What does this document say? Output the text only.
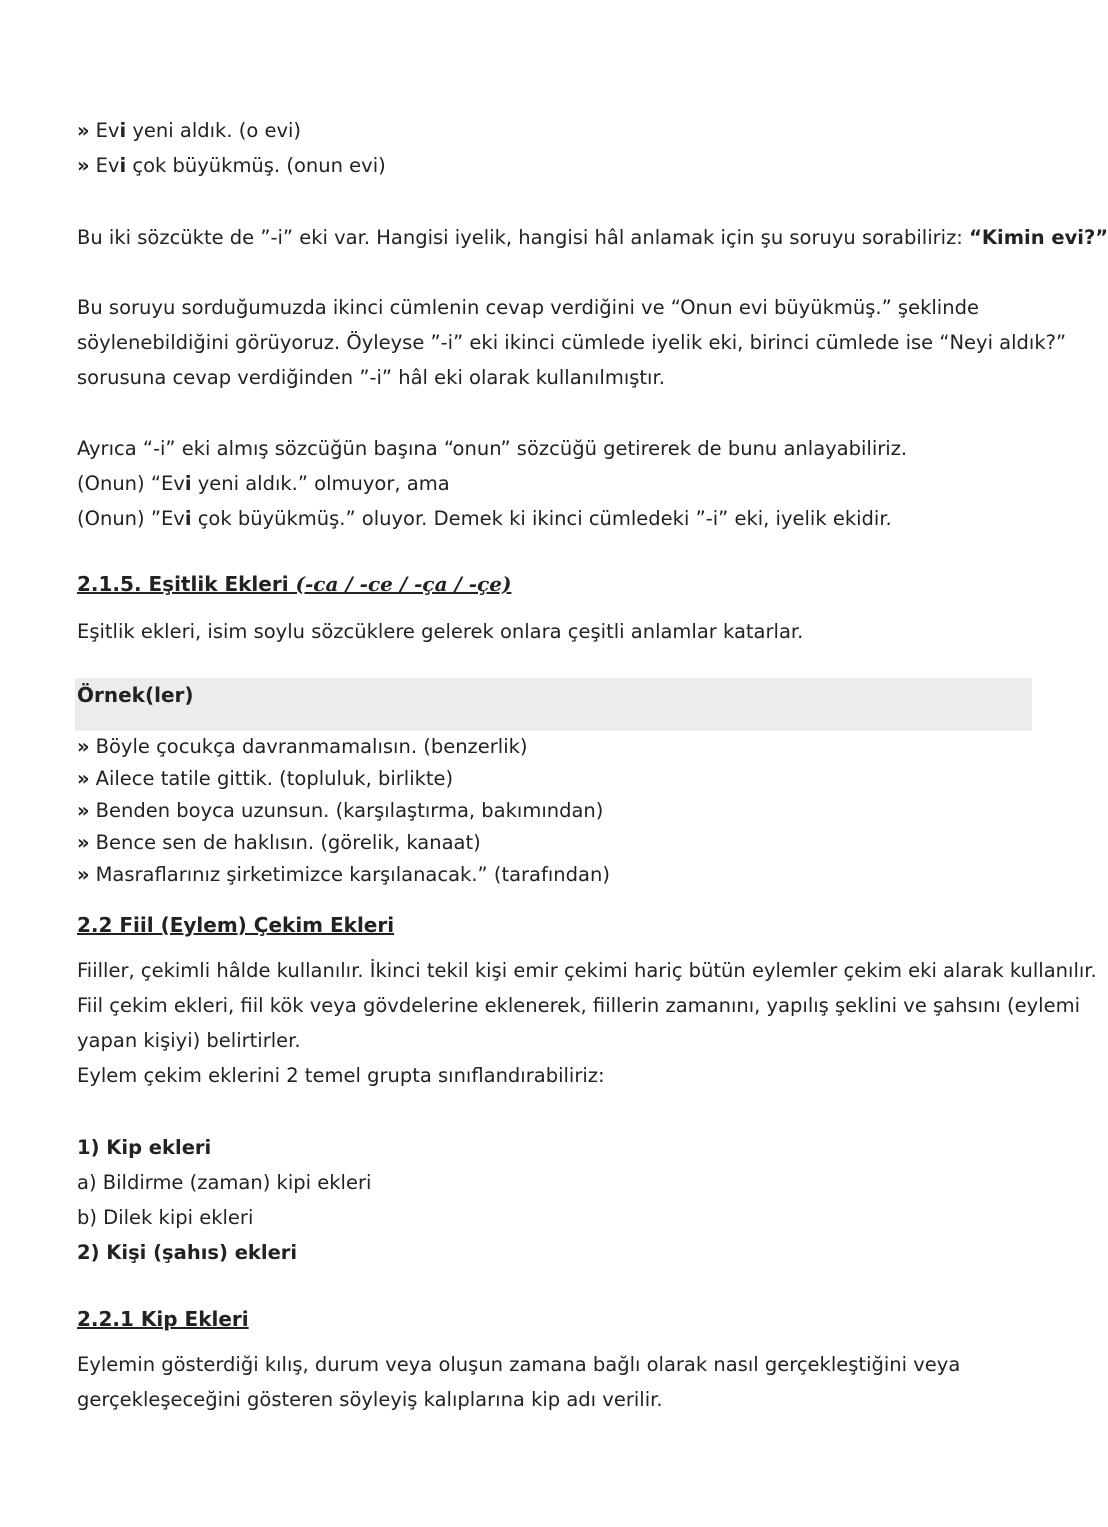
» Evi yeni aldık. (o evi)
» Evi çok büyükmüş. (onun evi)
Bu iki sözcükte de ”-i” eki var. Hangisi iyelik, hangisi hâl anlamak için şu soruyu sorabiliriz: “Kimin evi?”
Bu soruyu sorduğumuzda ikinci cümlenin cevap verdiğini ve “Onun evi büyükmüş.” şeklinde
söylenebildiğini görüyoruz. Öyleyse ”-i” eki ikinci cümlede iyelik eki, birinci cümlede ise “Neyi aldık?”
sorusuna cevap verdiğinden ”-i” hâl eki olarak kullanılmıştır.
Ayrıca “-i” eki almış sözcüğün başına “onun” sözcüğü getirerek de bunu anlayabiliriz.
(Onun) “Evi yeni aldık.” olmuyor, ama
(Onun) ”Evi çok büyükmüş.” oluyor. Demek ki ikinci cümledeki ”-i” eki, iyelik ekidir.
2.1.5. Eşitlik Ekleri (-ca / -ce / -ça / -çe)
Eşitlik ekleri, isim soylu sözcüklere gelerek onlara çeşitli anlamlar katarlar.
Örnek(ler)
» Böyle çocukça davranmamalısın. (benzerlik)
» Ailece tatile gittik. (topluluk, birlikte)
» Benden boyca uzunsun. (karşılaştırma, bakımından)
» Bence sen de haklısın. (görelik, kanaat)
» Masraflarınız şirketimizce karşılanacak.” (tarafından)
2.2 Fiil (Eylem) Çekim Ekleri
Fiiller, çekimli hâlde kullanılır. İkinci tekil kişi emir çekimi hariç bütün eylemler çekim eki alarak kullanılır.
Fiil çekim ekleri, fiil kök veya gövdelerine eklenerek, fiillerin zamanını, yapılış şeklini ve şahsını (eylemi
yapan kişiyi) belirtirler.
Eylem çekim eklerini 2 temel grupta sınıflandırabiliriz:
1) Kip ekleri
a) Bildirme (zaman) kipi ekleri
b) Dilek kipi ekleri
2) Kişi (şahıs) ekleri
2.2.1 Kip Ekleri
Eylemin gösterdiği kılış, durum veya oluşun zamana bağlı olarak nasıl gerçekleştiğini veya
gerçekleşeceğini gösteren söyleyiş kalıplarına kip adı verilir.
